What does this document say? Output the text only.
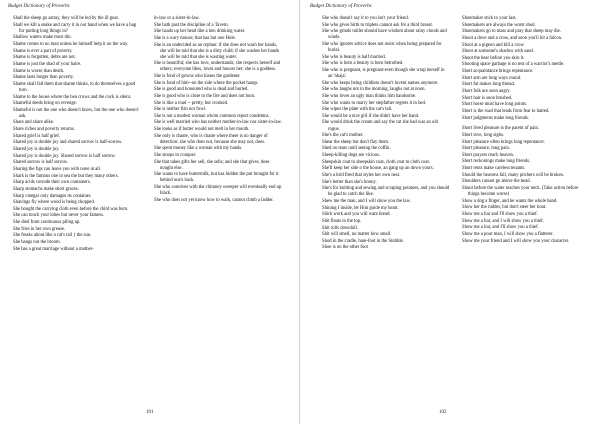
Budget Dictionary of Proverbs
Shall the sheep go astray, they will be led by the ill goat.
Shall we kill a snake and carry it in our hand when we have a bag for putting long things in?
Shallow waters make most din.
Shame comes to no man unless he himself help it on the way.
Shame is ever a part of poverty.
Shame is forgotten, debts are not.
Shame is just the shad of your haire.
Shame is worse than death.
Shame lasts longer than poverty.
Shame shall fall them that shame thinks, to do themselves a good turn.
Shame to the house where the hen crows and the cock is silent.
Shameful deeds bring on revenge.
Shameful is not the one who doesn't know, but the one who doesn't ask.
Share and share alike.
Share riches and poverty returns.
Shared grief is half grief.
Shared joy is double joy and shared sorrow is half-sorrow.
Shared joy is double joy.
Shared joy is double joy. Shared sorrow is half sorrow.
Shared sorrow is half sorrow.
Sharing the figs can leave you with none at all.
Shark is the famous one in sea the but they many others.
Sharp acids corrode their own containers.
Sharp stomachs make short graces.
Sharp vinegar only damages its container.
Shavings fly where wood is being chopped.
She bought the carrying cloth even before the child was born.
She can touch your lobes but never your fatness.
She died from continuous piling up.
She fries in her own grease.
She freaks about like a cat's tail { the sun.
She hangs out the broom.
She has a great marriage without a mother-
in-law or a sister-in-law.
She hath past the discipline of a Tavern.
She hauds up her head like a hen drinking water.
She is a wary mouse, that has but one Hole.
She is an undecided as an orphan: if she does not wash her hands, she will be told that she is a dirty child; if she washes her hands she will be told that she is wasting water.
She is beautiful; she has love, understands; she respects herself and others; everyone likes, loves and honors her; she is a goddess.
She is fond of gowns who kisses the gardener.
She is fond of him--on the side where the pocket hangs.
She is good and honoured who is dead and buried.
She is good who is close to the fire and does not burn.
She is like a road -- pretty, but crooked.
She is neither fish nor fowl.
She is not a modest woman whom common report condemns.
She is well married who has neither mother-in-law nor sister-in-law.
She looks as if butter would not melt in her mouth.
She only is chaste, who is chaste where there is no danger of detection: she who does not, because she may not, does.
She spent money like a woman with my hands.
She stoops to conquer.
She that takes gifts her sell, she sells; and she that gives, does nought else.
She wants to have buttermilk, but has hidden the pot brought for it behind one's back.
She who connives with the chimney sweeper will eventually end up black.
She who does not yet know how to walk, cannot climb a ladder.
101
Budget Dictionary of Proverbs
She who doesn't say it to you isn't your friend.
She who gives birth to triplets cannot ask for a third breast.
She who grinds millet should have wisdom about rainy clouds and winds.
She who ignores advice does not resist when being prepared for burial.
She who is beauty is half married.
She who is born a beauty is born betrothed.
She who is pregnant, is pregnant-even though she wrap herself in an 'nkaja'.
She who keeps being childless doesn't invent names anymore.
She who laughs not in the morning, laughs not at noon.
She who loves an ugly man thinks him handsome.
She who wants to marry her stepfather regrets it in bed.
She wipes the plate with the cat's tail.
She would be a nice girl if she didn't have her band.
She would drink the cream and say the cat she had was an old rogue.
She's the cat's mother.
Shear the sheep but don't flay them.
Shed no tears until seeing the coffin.
Sheep-killing dogs are vicious.
Sheepskin coat to sheepskin coat, cloth coat to cloth coat.
She'll keep her side o the house, an gang up an down yours.
She's a bird fired that styles her own nest.
She's better than she's bonny.
She's for knitting and sewing and scraping potatoes, and you should be glad to catch the like.
Shew me the man, and I will show you the law.
Shining I inside, let Him guide my heart.
Shirk work and you will want bread.
Shit floats to the top.
Shit rolls downhill.
Shit will smell, no matter how small.
Shod in the cradle, bare-foot in the Stubble.
Shoe is on the other foot
Shoemaker stick to your last.
Shoemakers are always the worst shod.
Shoemakers go to mass and pray that sheep may die.
Shoot a dove and a crow, and soon you'll hit a falcon.
Shoot at a pigeon and kill a crow.
Shoot at someone's shadow with sand.
Shoot the bear before you skin it.
Shooting space garbage is no test of a warrior's mettle.
Short acquaintance brings repentance.
Short arm are long ways round.
Short fat makes long thread.
Short folk are soon angry.
Short hair is soon brushed.
Short horse must have long points.
Short is the road that leads from fear to hatred.
Short judgments make long friends.
Short lived pleasure is the parent of pain.
Short love, long sighs.
Short pleasure often brings long repentance.
Short pleasure, long pain.
Short prayers reach heaven.
Short reckonings make long friends.
Short rents make careless tenants.
Should the heavens fall, many pitchers will be broken.
Shoulders cannot go above the head.
Shout before the water reaches your neck. (Take action before things become worse)
Show a dog a finger, and he wants the whole hand.
Show her the rudder, but don't steer her boat.
Show me a liar and I'll show you a thief.
Show me a liar, and I will show you a thief.
Show me a liar, and I'll show you a thief.
Show me a poor man, I will show you a flatterer.
Show me your friend and I will show you your character.
102
